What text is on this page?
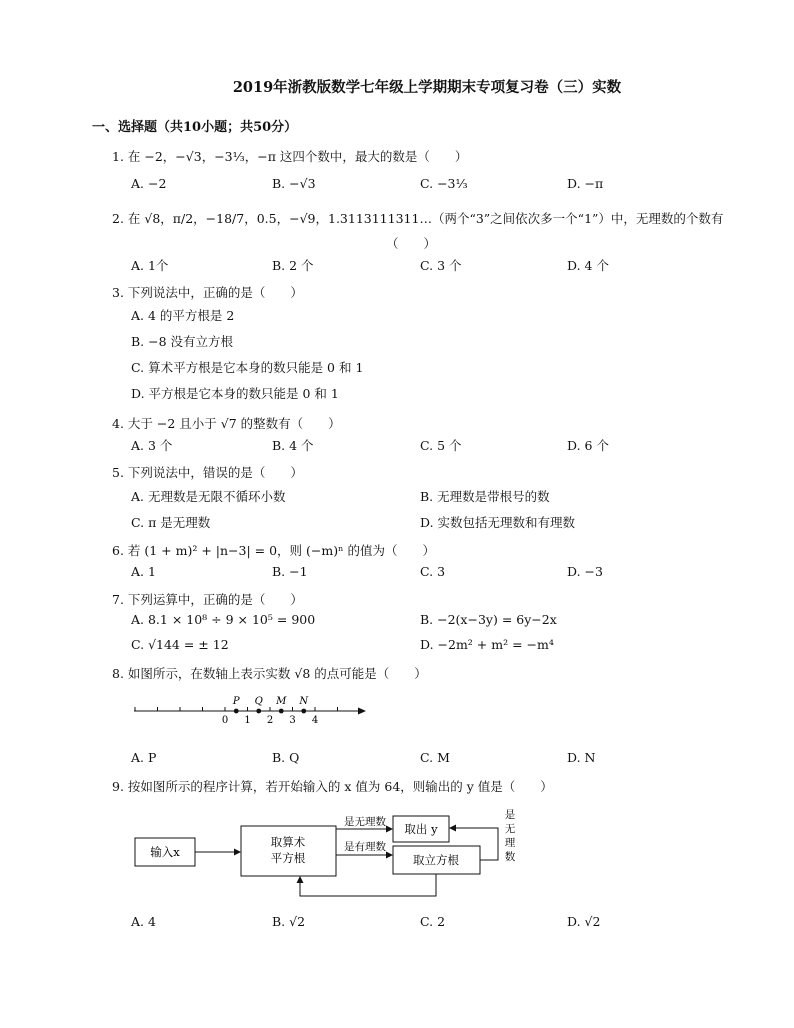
2019年浙教版数学七年级上学期期末专项复习卷（三）实数
一、选择题（共10小题；共50分）
1. 在 −2，−√3，−3⅓，−π 这四个数中，最大的数是（　　）
A. −2	B. −√3	C. −3⅓	D. −π
2. 在 √8，π/2，−18/7，0.5，−√9，1.3113111311…（两个“3”之间依次多一个“1”）中，无理数的个数有
（　　）
A. 1个	B. 2 个	C. 3 个	D. 4 个
3. 下列说法中，正确的是（　　）
A. 4 的平方根是 2
B. −8 没有立方根
C. 算术平方根是它本身的数只能是 0 和 1
D. 平方根是它本身的数只能是 0 和 1
4. 大于 −2 且小于 √7 的整数有（　　）
A. 3 个	B. 4 个	C. 5 个	D. 6 个
5. 下列说法中，错误的是（　　）
A. 无理数是无限不循环小数	B. 无理数是带根号的数
C. π 是无理数	D. 实数包括无理数和有理数
6. 若 (1 + m)² + |n−3| = 0，则 (−m)ⁿ 的值为（　　）
A. 1	B. −1	C. 3	D. −3
7. 下列运算中，正确的是（　　）
A. 8.1 × 10⁸ ÷ 9 × 10⁵ = 900	B. −2(x−3y) = 6y−2x
C. √144 = ± 12	D. −2m² + m² = −m⁴
8. 如图所示，在数轴上表示实数 √8 的点可能是（　　）
0 1 2 3 4
P Q M N
A. P	B. Q	C. M	D. N
9. 按如图所示的程序计算，若开始输入的 x 值为 64，则输出的 y 值是（　　）
输入x
取算术
平方根
是无理数 取出 y
是有理数
取立方根
是
无
理
数
A. 4	B. √2	C. 2	D. √2
